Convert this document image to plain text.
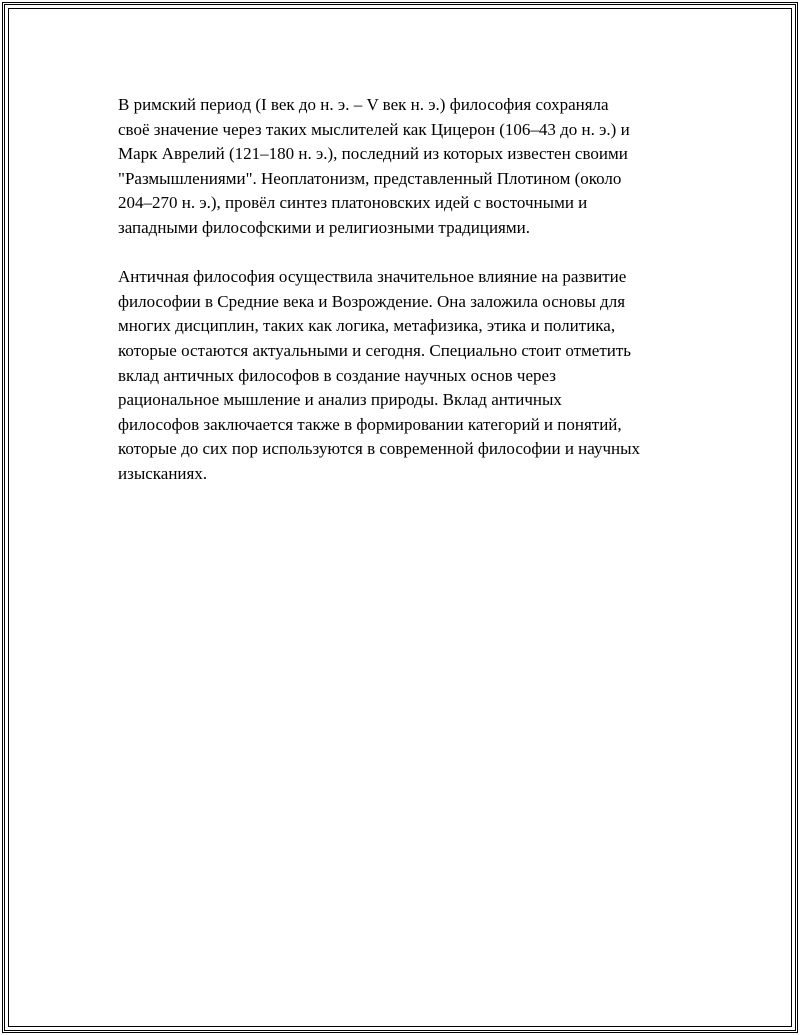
В римский период (I век до н. э. – V век н. э.) философия сохраняла
своё значение через таких мыслителей как Цицерон (106–43 до н. э.) и
Марк Аврелий (121–180 н. э.), последний из которых известен своими
"Размышлениями". Неоплатонизм, представленный Плотином (около
204–270 н. э.), провёл синтез платоновских идей с восточными и
западными философскими и религиозными традициями.

Античная философия осуществила значительное влияние на развитие
философии в Средние века и Возрождение. Она заложила основы для
многих дисциплин, таких как логика, метафизика, этика и политика,
которые остаются актуальными и сегодня. Специально стоит отметить
вклад античных философов в создание научных основ через
рациональное мышление и анализ природы. Вклад античных
философов заключается также в формировании категорий и понятий,
которые до сих пор используются в современной философии и научных
изысканиях.
